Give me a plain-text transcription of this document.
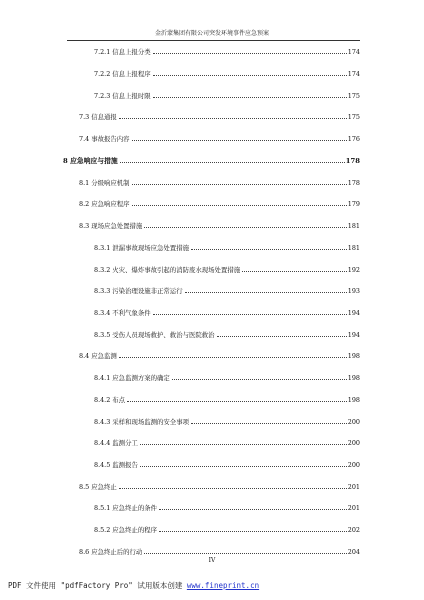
金沂蒙集团有限公司突发环境事件应急预案
7.2.1 信息上报分类	174
7.2.2 信息上报程序	174
7.2.3 信息上报时限	175
7.3 信息通报	175
7.4 事故报告内容	176
8 应急响应与措施	178
8.1 分级响应机制	178
8.2 应急响应程序	179
8.3 现场应急处置措施	181
8.3.1 泄漏事故现场应急处置措施	181
8.3.2 火灾、爆炸事故引起的消防废水现场处置措施	192
8.3.3 污染治理设施非正常运行	193
8.3.4 不利气象条件	194
8.3.5 受伤人员现场救护、救治与医院救治	194
8.4 应急监测	198
8.4.1 应急监测方案的确定	198
8.4.2 布点	198
8.4.3 采样和现场监测的安全事项	200
8.4.4 监测分工	200
8.4.5 监测报告	200
8.5 应急终止	201
8.5.1 应急终止的条件	201
8.5.2 应急终止的程序	202
8.6 应急终止后的行动	204
IV
PDF 文件使用 "pdfFactory Pro" 试用版本创建 www.fineprint.cn
